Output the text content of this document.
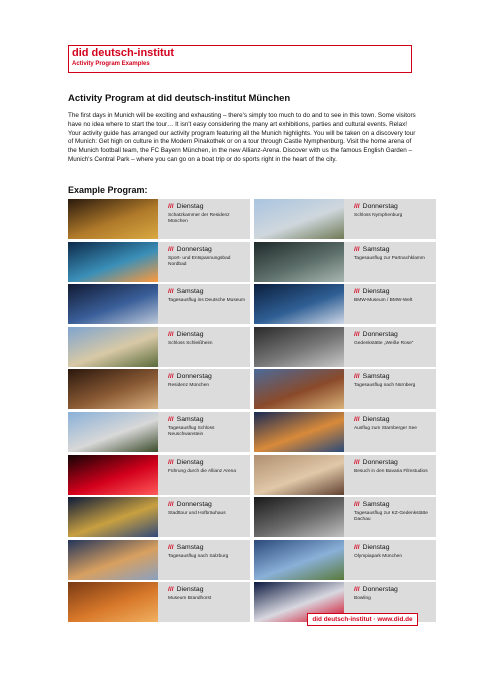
did deutsch-institut
Activity Program Examples
Activity Program at did deutsch-institut München

The first days in Munich will be exciting and exhausting – there's simply too much to do and to see in this town. Some visitors have no idea where to start the tour… It isn't easy considering the many art exhibitions, parties and cultural events. Relax! Your activity guide has arranged our activity program featuring all the Munich highlights. You will be taken on a discovery tour of Munich: Get high on culture in the Modern Pinakothek or on a tour through Castle Nymphenburg. Visit the home arena of the Munich football team, the FC Bayern München, in the new Allianz-Arena. Discover with us the famous English Garden – Munich's Central Park – where you can go on a boat trip or do sports right in the heart of the city.

Example Program:
/// Dienstag
Schatzkammer der Residenz München
/// Donnerstag
Schloss Nymphenburg
/// Donnerstag
Sport- und Entspannungsbad Nordbad
/// Samstag
Tagesausflug zur Partnachklamm
/// Samstag
Tagesausflug ins Deutsche Museum
/// Dienstag
BMW-Museum / BMW-Welt
/// Dienstag
Schloss Schleißheim
/// Donnerstag
Gedenkstätte „Weiße Rose“
/// Donnerstag
Residenz München
/// Samstag
Tagesausflug nach Nürnberg
/// Samstag
Tagesausflug Schloss Neuschwanstein
/// Dienstag
Ausflug zum Starnberger See
/// Dienstag
Führung durch die Allianz Arena
/// Donnerstag
Besuch in den Bavaria Filmstudios
/// Donnerstag
Stadttour und Hofbräuhaus
/// Samstag
Tagesausflug zur KZ-Gedenkstätte Dachau
/// Samstag
Tagesausflug nach Salzburg
/// Dienstag
Olympiapark München
/// Dienstag
Museum Brandhorst
/// Donnerstag
Bowling
did deutsch-institut · www.did.de
